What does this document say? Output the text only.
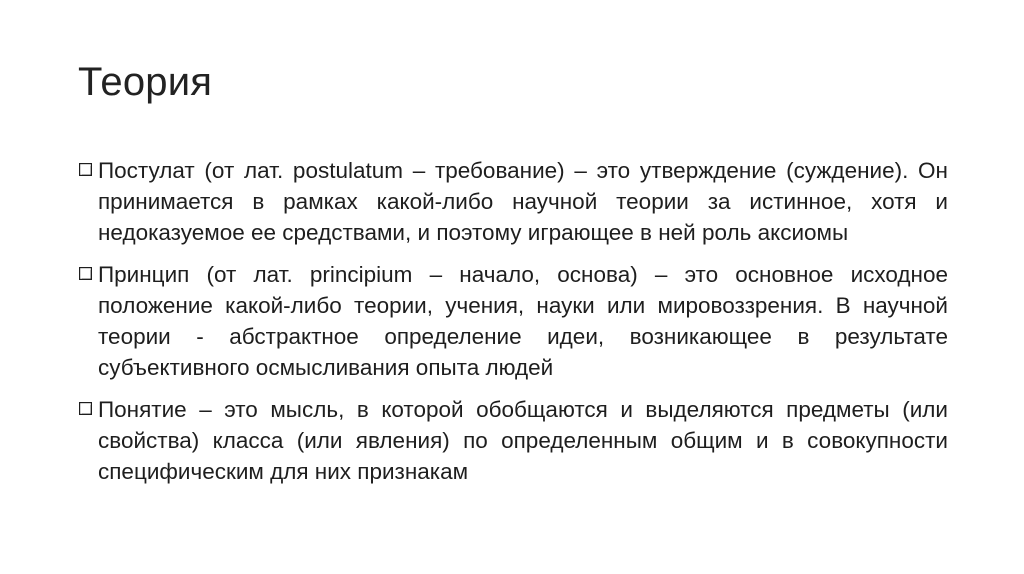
Теория
Постулат (от лат. postulatum – требование) – это утверждение (суждение). Он принимается в рамках какой-либо научной теории за истинное, хотя и недоказуемое ее средствами, и поэтому играющее в ней роль аксиомы
Принцип (от лат. principium – начало, основа) – это основное исходное положение какой-либо теории, учения, науки или мировоззрения. В научной теории - абстрактное определение идеи, возникающее в результате субъективного осмысливания опыта людей
Понятие – это мысль, в которой обобщаются и выделяются предметы (или свойства) класса (или явления) по определенным общим и в совокупности специфическим для них признакам
